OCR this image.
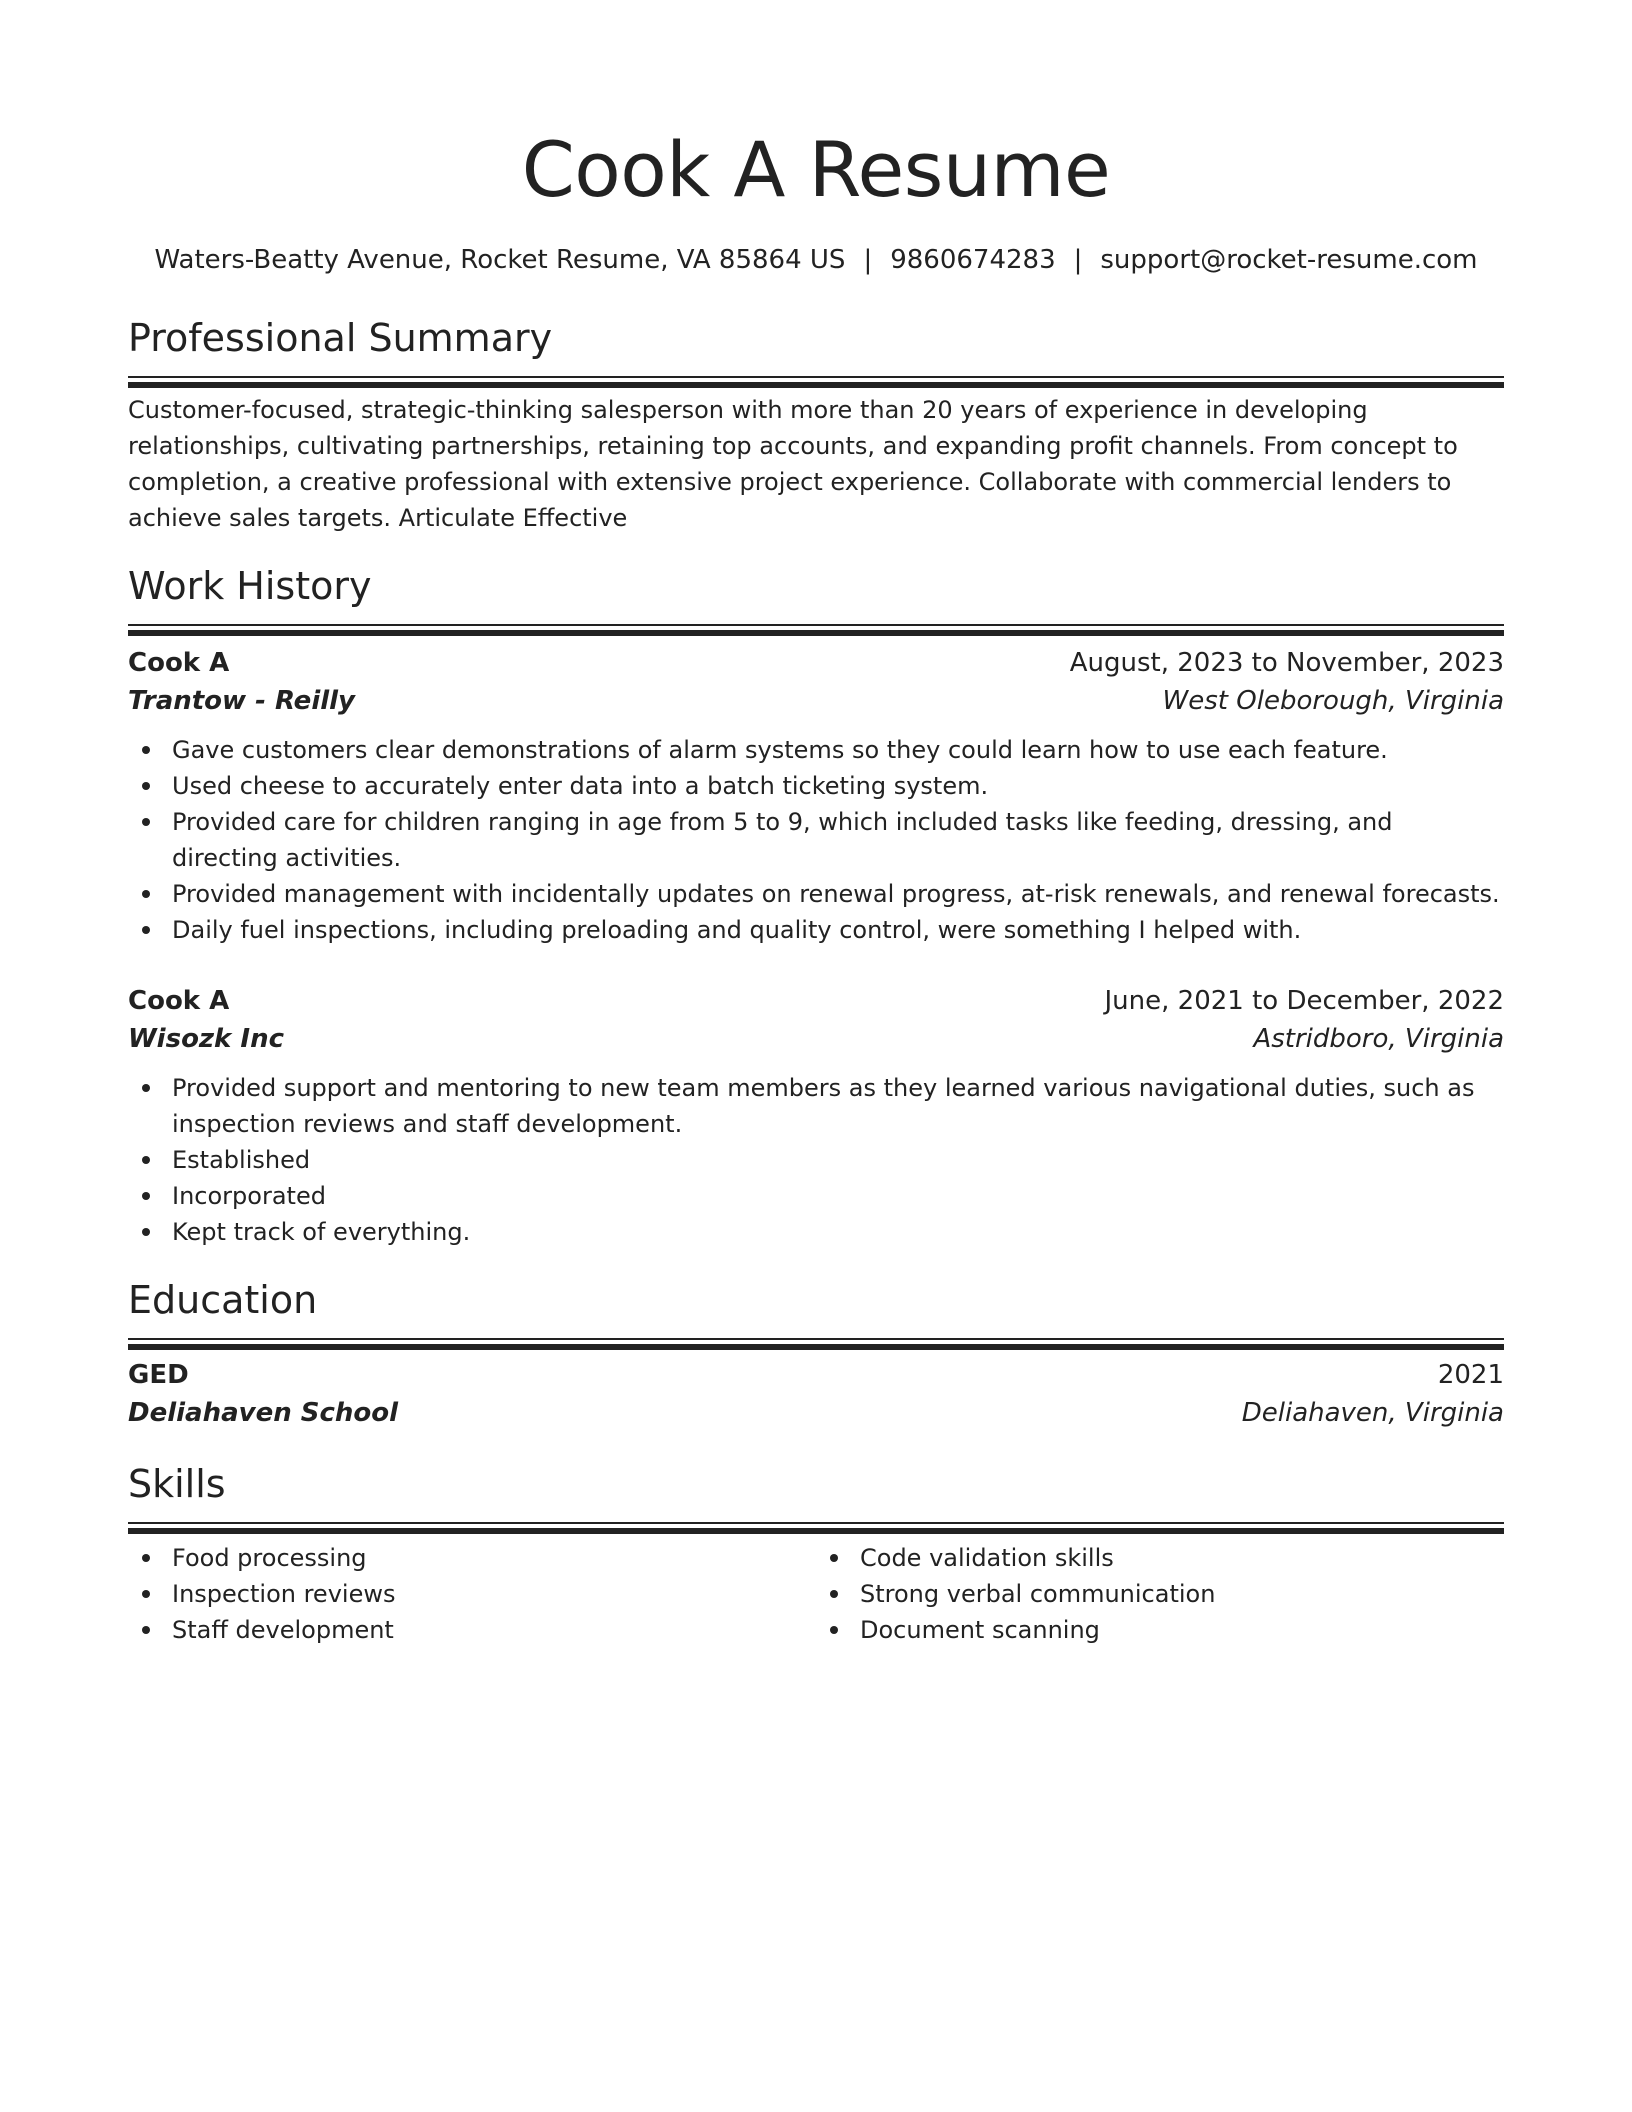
Cook A Resume
Waters-Beatty Avenue, Rocket Resume, VA 85864 US | 9860674283 | support@rocket-resume.com
Professional Summary

Customer-focused, strategic-thinking salesperson with more than 20 years of experience in developing relationships, cultivating partnerships, retaining top accounts, and expanding profit channels. From concept to completion, a creative professional with extensive project experience. Collaborate with commercial lenders to achieve sales targets. Articulate Effective

Work History
Cook A	August, 2023 to November, 2023
Trantow - Reilly	West Oleborough, Virginia
Gave customers clear demonstrations of alarm systems so they could learn how to use each feature.
Used cheese to accurately enter data into a batch ticketing system.
Provided care for children ranging in age from 5 to 9, which included tasks like feeding, dressing, and directing activities.
Provided management with incidentally updates on renewal progress, at-risk renewals, and renewal forecasts.
Daily fuel inspections, including preloading and quality control, were something I helped with.
Cook A	June, 2021 to December, 2022
Wisozk Inc	Astridboro, Virginia
Provided support and mentoring to new team members as they learned various navigational duties, such as inspection reviews and staff development.
Established
Incorporated
Kept track of everything.
Education
GED	2021
Deliahaven School	Deliahaven, Virginia
Skills
Food processing
Inspection reviews
Staff development
Code validation skills
Strong verbal communication
Document scanning
